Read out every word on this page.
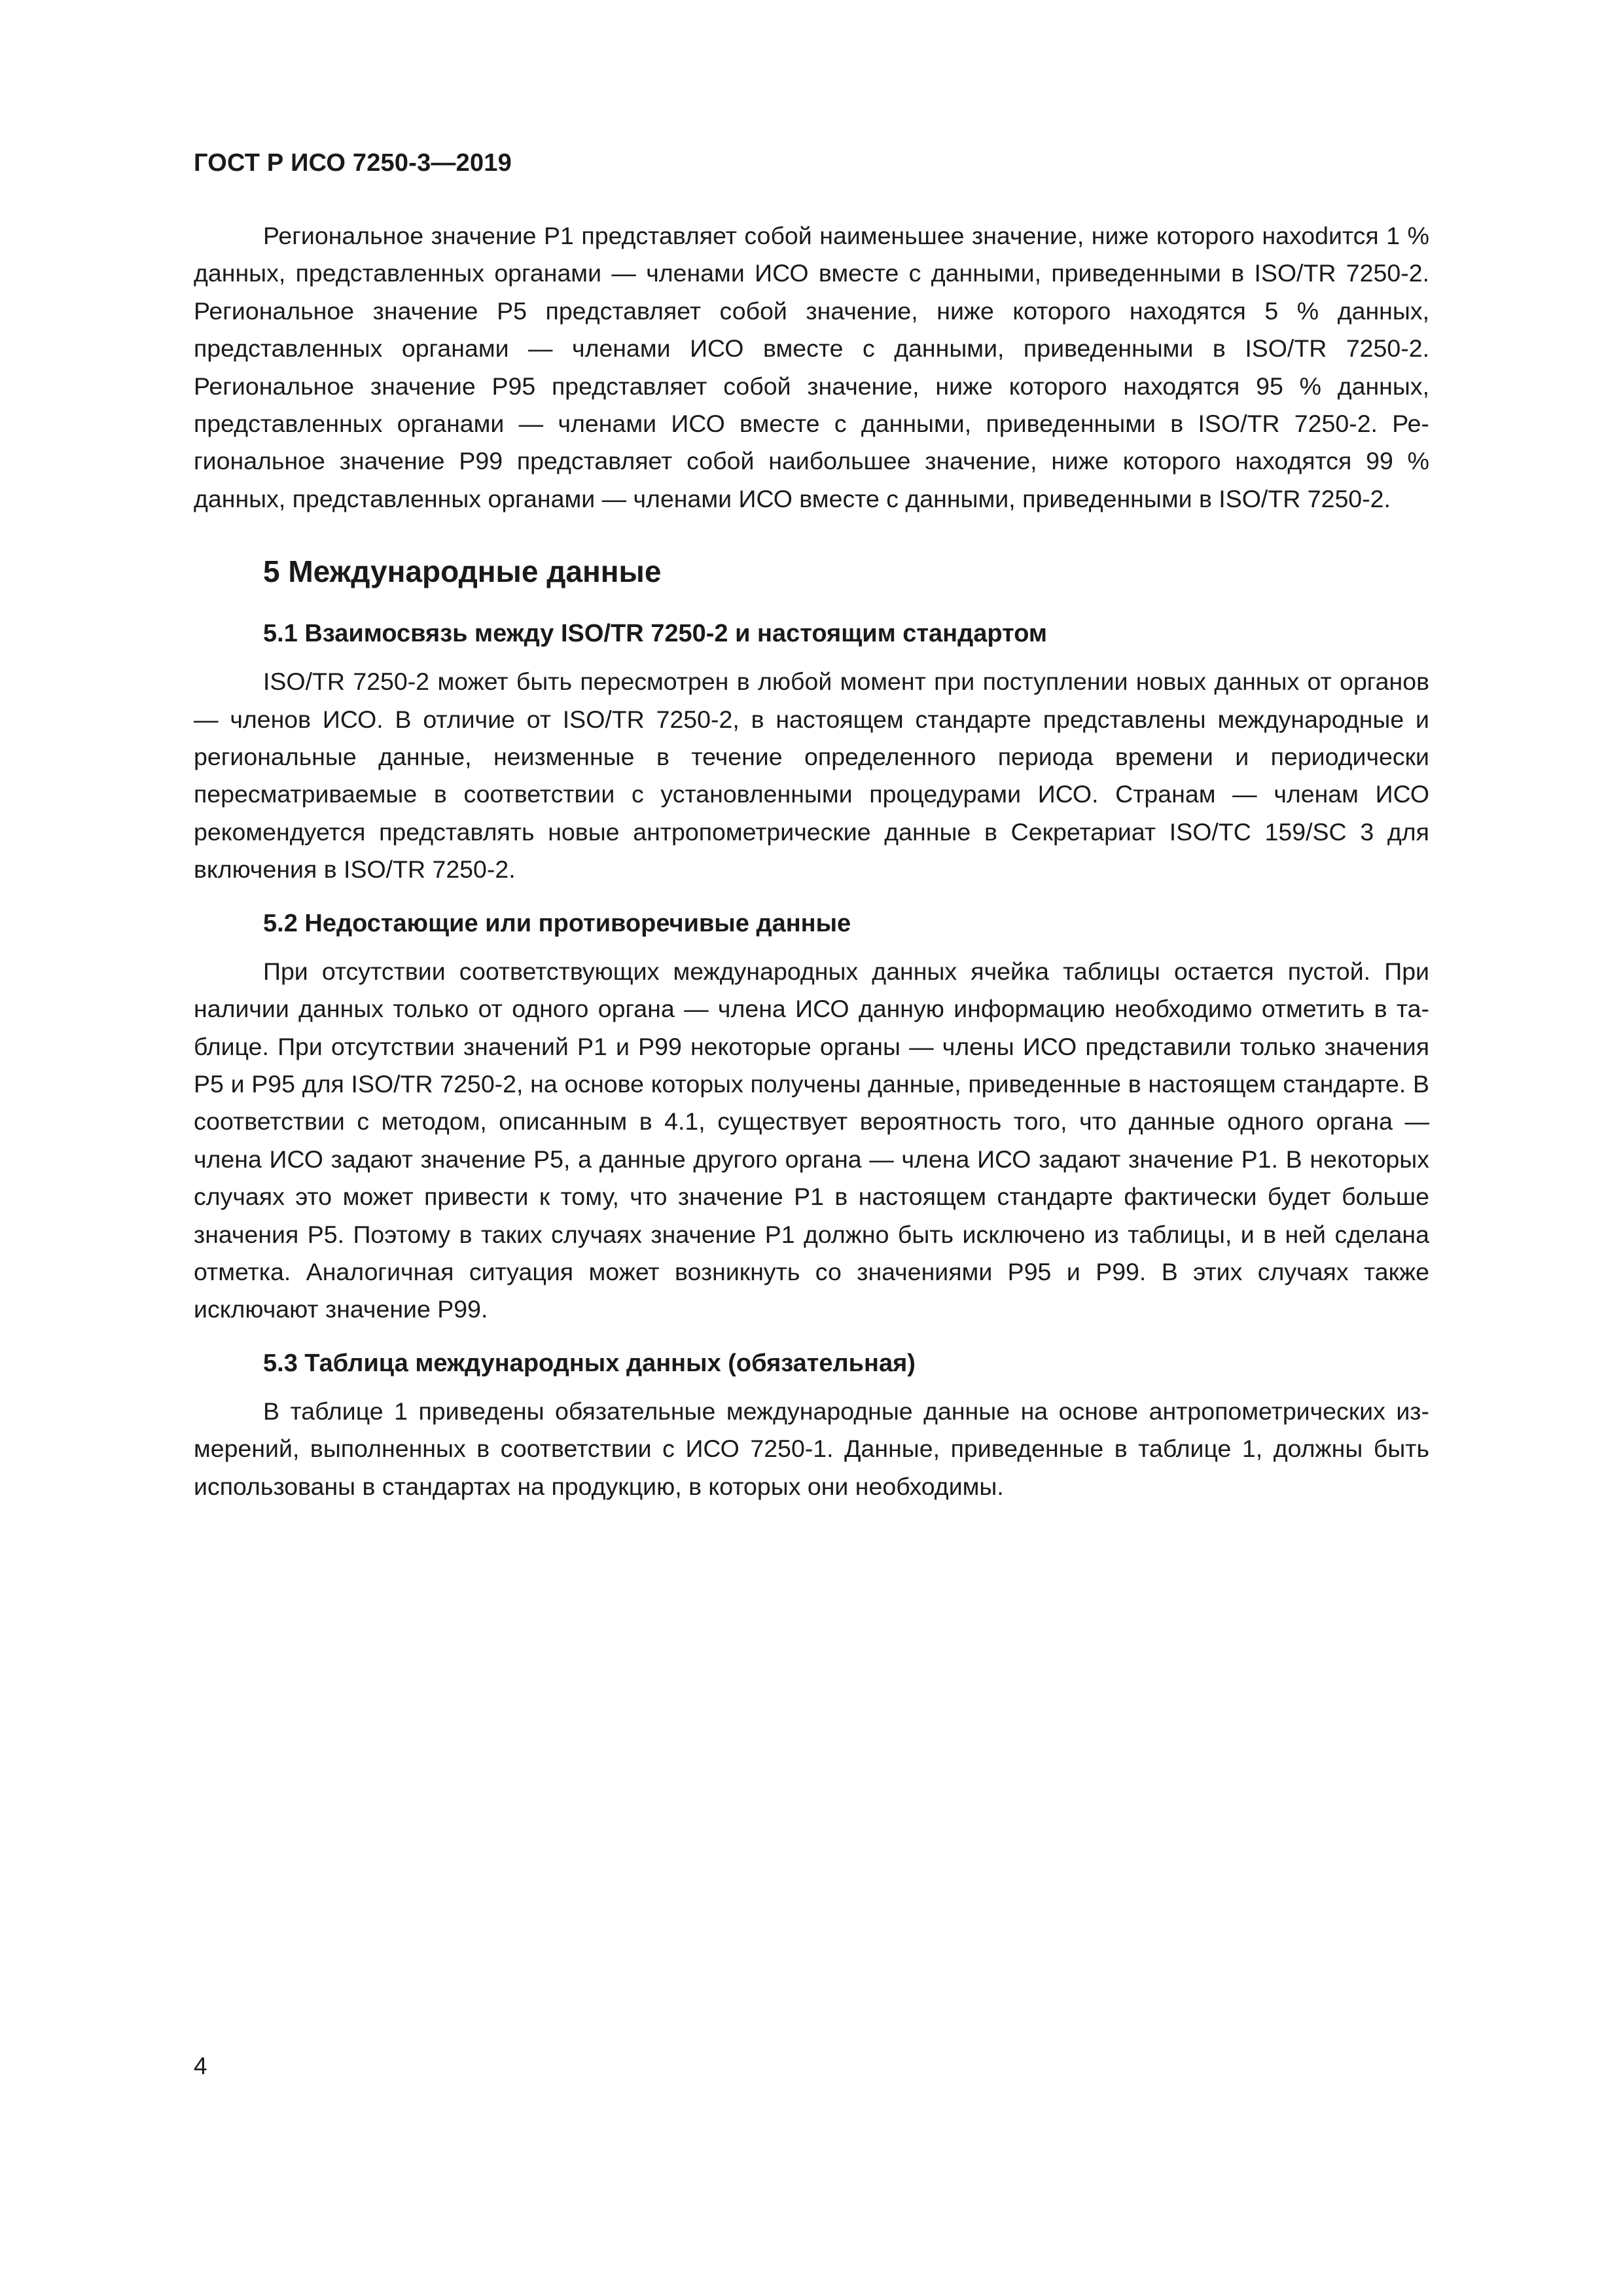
ГОСТ Р ИСО 7250-3—2019

Региональное значение Р1 представляет собой наименьшее значение, ниже которого нахоdится 1 % данных, представленных органами — членами ИСО вместе с данными, приведенными в ISO/TR 7250-2. Региональное значение Р5 представляет собой значение, ниже которого находятся 5 % данных, представленных органами — членами ИСО вместе с данными, приведенными в ISO/TR 7250-2. Региональное значение Р95 представляет собой значение, ниже которого находятся 95 % данных, представленных органами — членами ИСО вместе с данными, приведенными в ISO/TR 7250-2. Региональное значение Р99 представляет собой наибольшее значение, ниже которого находятся 99 % данных, представленных органами — членами ИСО вместе с данными, приведенными в ISO/TR 7250-2.

5 Международные данные
5.1 Взаимосвязь между ISO/TR 7250-2 и настоящим стандартом

ISO/TR 7250-2 может быть пересмотрен в любой момент при поступлении новых данных от органов — членов ИСО. В отличие от ISO/TR 7250-2, в настоящем стандарте представлены международные и региональные данные, неизменные в течение определенного периода времени и периодически пересматриваемые в соответствии с установленными процедурами ИСО. Странам — членам ИСО рекомендуется представлять новые антропометрические данные в Секретариат ISO/TC 159/SC 3 для включения в ISO/TR 7250-2.

5.2 Недостающие или противоречивые данные

При отсутствии соответствующих международных данных ячейка таблицы остается пустой. При наличии данных только от одного органа — члена ИСО данную информацию необходимо отметить в таблице. При отсутствии значений Р1 и Р99 некоторые органы — члены ИСО представили только значения Р5 и Р95 для ISO/TR 7250-2, на основе которых получены данные, приведенные в настоящем стандарте. В соответствии с методом, описанным в 4.1, существует вероятность того, что данные одного органа — члена ИСО задают значение Р5, а данные другого органа — члена ИСО задают значение Р1. В некоторых случаях это может привести к тому, что значение Р1 в настоящем стандарте фактически будет больше значения Р5. Поэтому в таких случаях значение Р1 должно быть исключено из таблицы, и в ней сделана отметка. Аналогичная ситуация может возникнуть со значениями Р95 и Р99. В этих случаях также исключают значение Р99.

5.3 Таблица международных данных (обязательная)

В таблице 1 приведены обязательные международные данные на основе антропометрических измерений, выполненных в соответствии с ИСО 7250-1. Данные, приведенные в таблице 1, должны быть использованы в стандартах на продукцию, в которых они необходимы.

4
